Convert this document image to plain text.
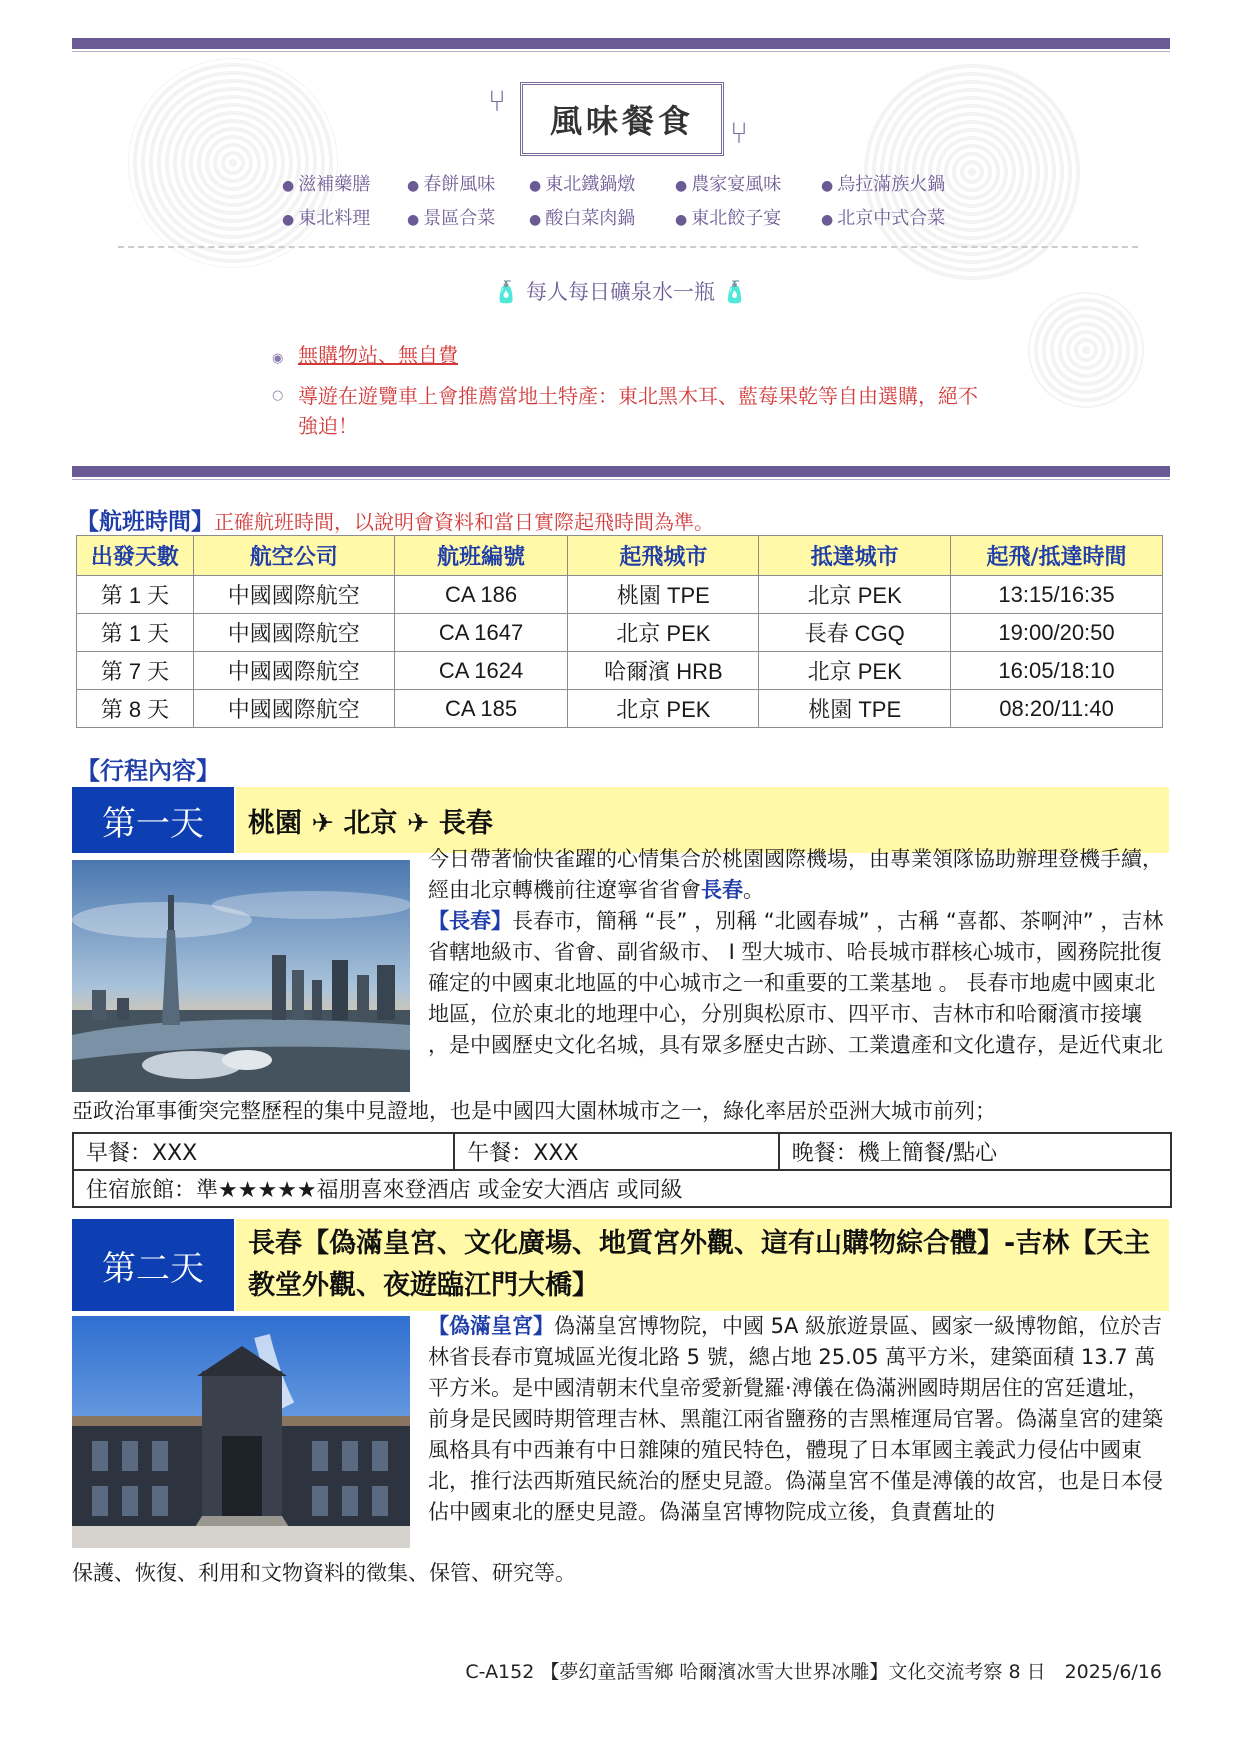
⑂
風味餐食 ⑂
● 滋補藥膳	● 春餅風味	● 東北鐵鍋燉	● 農家宴風味	● 烏拉滿族火鍋
● 東北料理	● 景區合菜	● 酸白菜肉鍋	● 東北餃子宴	● 北京中式合菜
🧴 每人每日礦泉水一瓶 🧴
◉ 無購物站、無自費
○ 導遊在遊覽車上會推薦當地土特產：東北黑木耳、藍莓果乾等自由選購，絕不強迫！
【航班時間】正確航班時間，以說明會資料和當日實際起飛時間為準。
出發天數	航空公司	航班編號	起飛城市	抵達城市	起飛/抵達時間
第 1 天	中國國際航空	CA 186	桃園 TPE	北京 PEK	13:15/16:35
第 1 天	中國國際航空	CA 1647	北京 PEK	長春 CGQ	19:00/20:50
第 7 天	中國國際航空	CA 1624	哈爾濱 HRB	北京 PEK	16:05/18:10
第 8 天	中國國際航空	CA 185	北京 PEK	桃園 TPE	08:20/11:40
【行程內容】
第一天 桃園 ✈ 北京 ✈ 長春
今日帶著愉快雀躍的心情集合於桃園國際機場，由專業領隊協助辦理登機手續，經由北京轉機前往遼寧省省會長春。
【長春】長春市，簡稱 “長” ，別稱 “北國春城” ，古稱 “喜都、茶啊沖” ，吉林省轄地級市、省會、副省級市、 I 型大城市、哈長城市群核心城市，國務院批復確定的中國東北地區的中心城市之一和重要的工業基地 。 長春市地處中國東北地區，位於東北的地理中心，分別與松原市、四平市、吉林市和哈爾濱市接壤 ，是中國歷史文化名城，具有眾多歷史古跡、工業遺產和文化遺存，是近代東北
亞政治軍事衝突完整歷程的集中見證地，也是中國四大園林城市之一，綠化率居於亞洲大城市前列；
早餐：XXX	午餐：XXX	晚餐：機上簡餐/點心
住宿旅館：準★★★★★福朋喜來登酒店 或金安大酒店 或同級
第二天
長春【偽滿皇宮、文化廣場、地質宮外觀、這有山購物綜合體】-吉林【天主教堂外觀、夜遊臨江門大橋】
【偽滿皇宮】偽滿皇宮博物院，中國 5A 級旅遊景區、國家一級博物館，位於吉林省長春市寬城區光復北路 5 號，總占地 25.05 萬平方米，建築面積 13.7 萬平方米。是中國清朝末代皇帝愛新覺羅·溥儀在偽滿洲國時期居住的宮廷遺址，前身是民國時期管理吉林、黑龍江兩省鹽務的吉黑榷運局官署。偽滿皇宮的建築風格具有中西兼有中日雜陳的殖民特色，體現了日本軍國主義武力侵佔中國東北，推行法西斯殖民統治的歷史見證。偽滿皇宮不僅是溥儀的故宮，也是日本侵佔中國東北的歷史見證。偽滿皇宮博物院成立後，負責舊址的
保護、恢復、利用和文物資料的徵集、保管、研究等。
C-A152 【夢幻童話雪鄉 哈爾濱冰雪大世界冰雕】文化交流考察 8 日　2025/6/16
